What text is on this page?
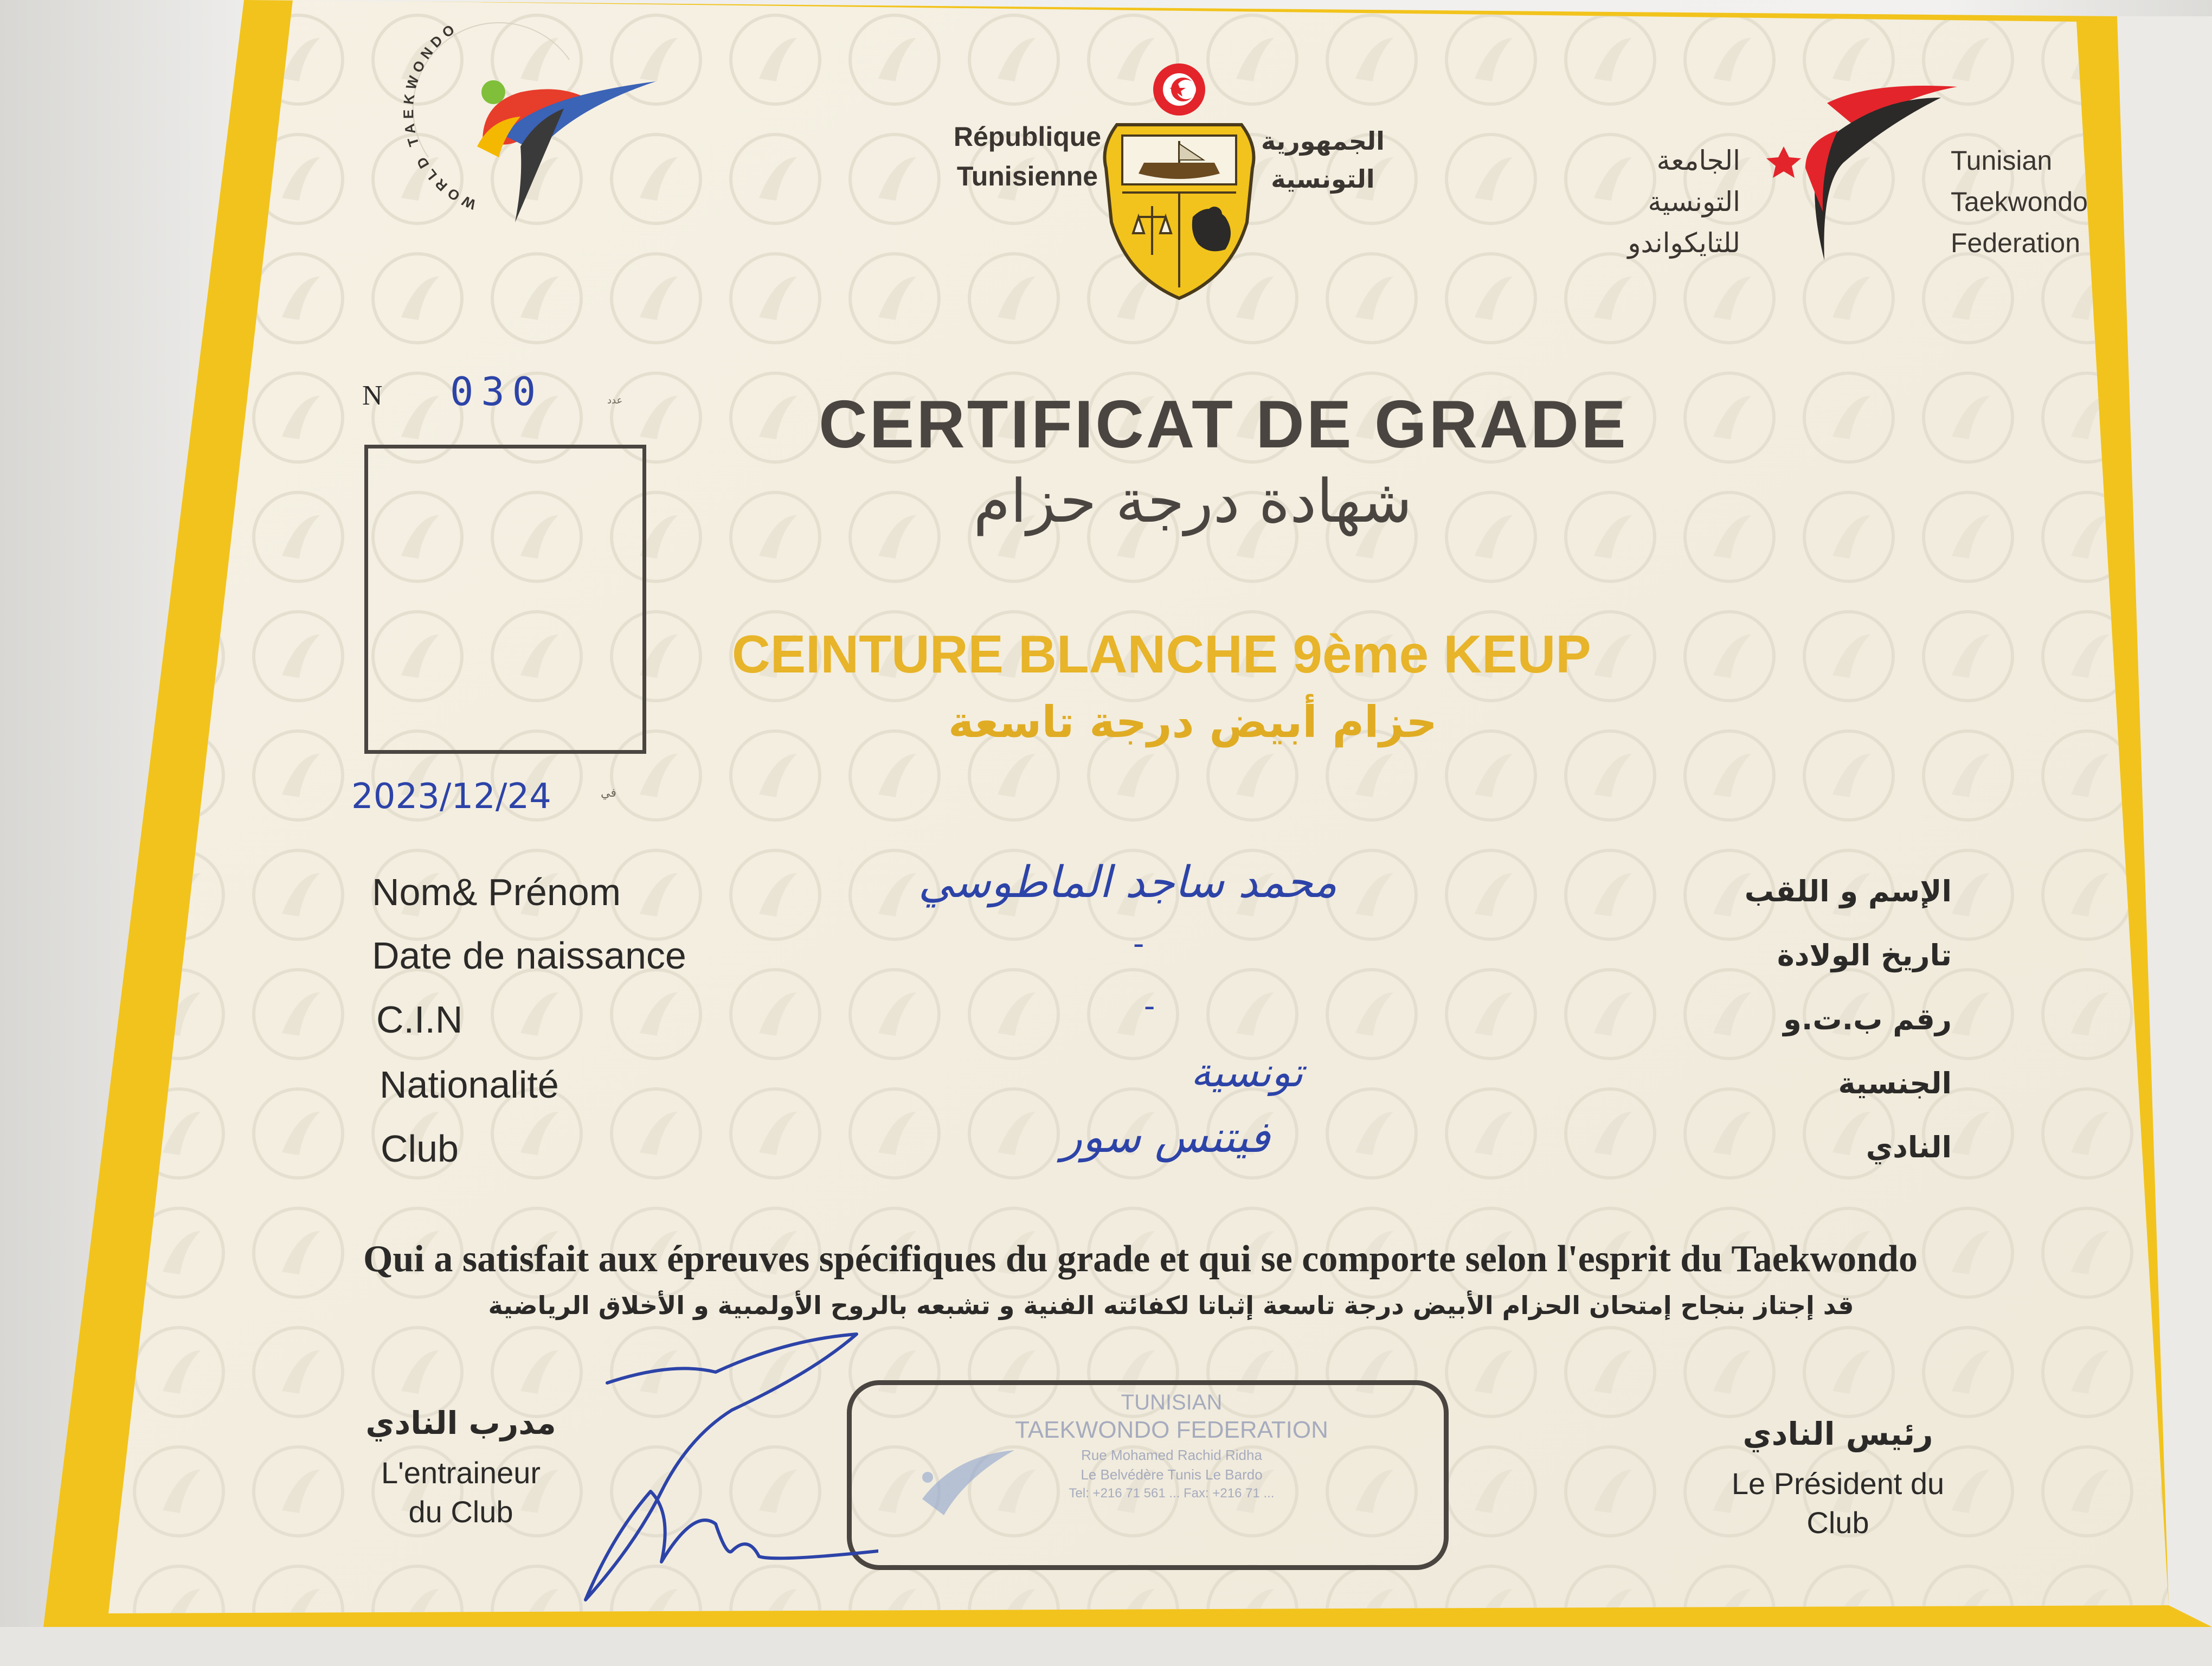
WORLD TAEKWONDO
République
Tunisienne
الجمهورية
التونسية
الجامعة
التونسية
للتايكواندو
Tunisian
Taekwondo
Federation
N 030	عدد
2023/12/24	في
CERTIFICAT DE GRADE
شهادة درجة حزام
CEINTURE BLANCHE 9ème KEUP
حزام أبيض درجة تاسعة
Nom& Prénom	محمد ساجد الماطوسي	الإسم و اللقب
Date de naissance	-	تاريخ الولادة
C.I.N	-	رقم ب.ت.و
Nationalité	تونسية	الجنسية
Club	فيتنس سور	النادي
Qui a satisfait aux épreuves spécifiques du grade et qui se comporte selon l'esprit du Taekwondo
قد إجتاز بنجاح إمتحان الحزام الأبيض درجة تاسعة إثباتا لكفائته الفنية و تشبعه بالروح الأولمبية و الأخلاق الرياضية
مدرب النادي
L'entraineur
du Club
رئيس النادي
Le Président du
Club
TUNISIAN
TAEKWONDO FEDERATION
Rue Mohamed Rachid Ridha
Le Belvédère Tunis Le Bardo
Tel: +216 71 561 ... Fax: +216 71 ...
